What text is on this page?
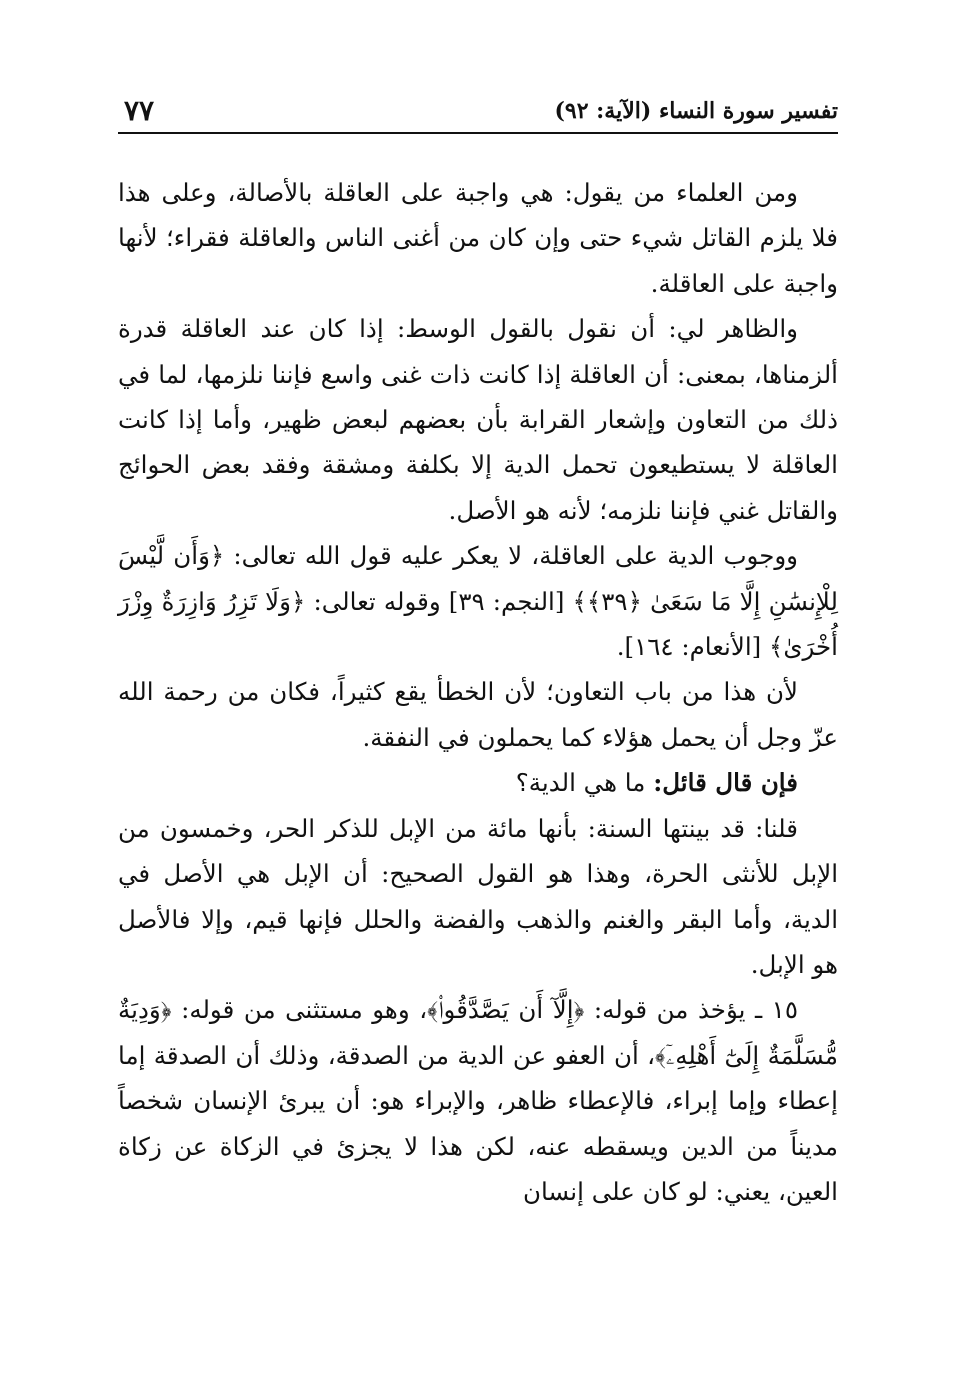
تفسير سورة النساء (الآية: ٩٢)
٧٧

ومن العلماء من يقول: هي واجبة على العاقلة بالأصالة، وعلى هذا فلا يلزم القاتل شيء حتى وإن كان من أغنى الناس والعاقلة فقراء؛ لأنها واجبة على العاقلة.

والظاهر لي: أن نقول بالقول الوسط: إذا كان عند العاقلة قدرة ألزمناها، بمعنى: أن العاقلة إذا كانت ذات غنى واسع فإننا نلزمها، لما في ذلك من التعاون وإشعار القرابة بأن بعضهم لبعض ظهير، وأما إذا كانت العاقلة لا يستطيعون تحمل الدية إلا بكلفة ومشقة وفقد بعض الحوائج والقاتل غني فإننا نلزمه؛ لأنه هو الأصل.

ووجوب الدية على العاقلة، لا يعكر عليه قول الله تعالى: ﴿وَأَن لَّيْسَ لِلْإِنسَٰنِ إِلَّا مَا سَعَىٰ ﴿٣٩﴾﴾ [النجم: ٣٩] وقوله تعالى: ﴿وَلَا تَزِرُ وَازِرَةٌ وِزْرَ أُخْرَىٰ﴾ [الأنعام: ١٦٤].

لأن هذا من باب التعاون؛ لأن الخطأ يقع كثيراً، فكان من رحمة الله عزّ وجل أن يحمل هؤلاء كما يحملون في النفقة.

فإن قال قائل: ما هي الدية؟

قلنا: قد بينتها السنة: بأنها مائة من الإبل للذكر الحر، وخمسون من الإبل للأنثى الحرة، وهذا هو القول الصحيح: أن الإبل هي الأصل في الدية، وأما البقر والغنم والذهب والفضة والحلل فإنها قيم، وإلا فالأصل هو الإبل.

١٥ ـ يؤخذ من قوله: ﴿إِلَّآ أَن يَصَّدَّقُوا۟﴾، وهو مستثنى من قوله: ﴿وَدِيَةٌ مُّسَلَّمَةٌ إِلَىٰٓ أَهْلِهِۦٓ﴾، أن العفو عن الدية من الصدقة، وذلك أن الصدقة إما إعطاء وإما إبراء، فالإعطاء ظاهر، والإبراء هو: أن يبرئ الإنسان شخصاً مديناً من الدين ويسقطه عنه، لكن هذا لا يجزئ في الزكاة عن زكاة العين، يعني: لو كان على إنسان
